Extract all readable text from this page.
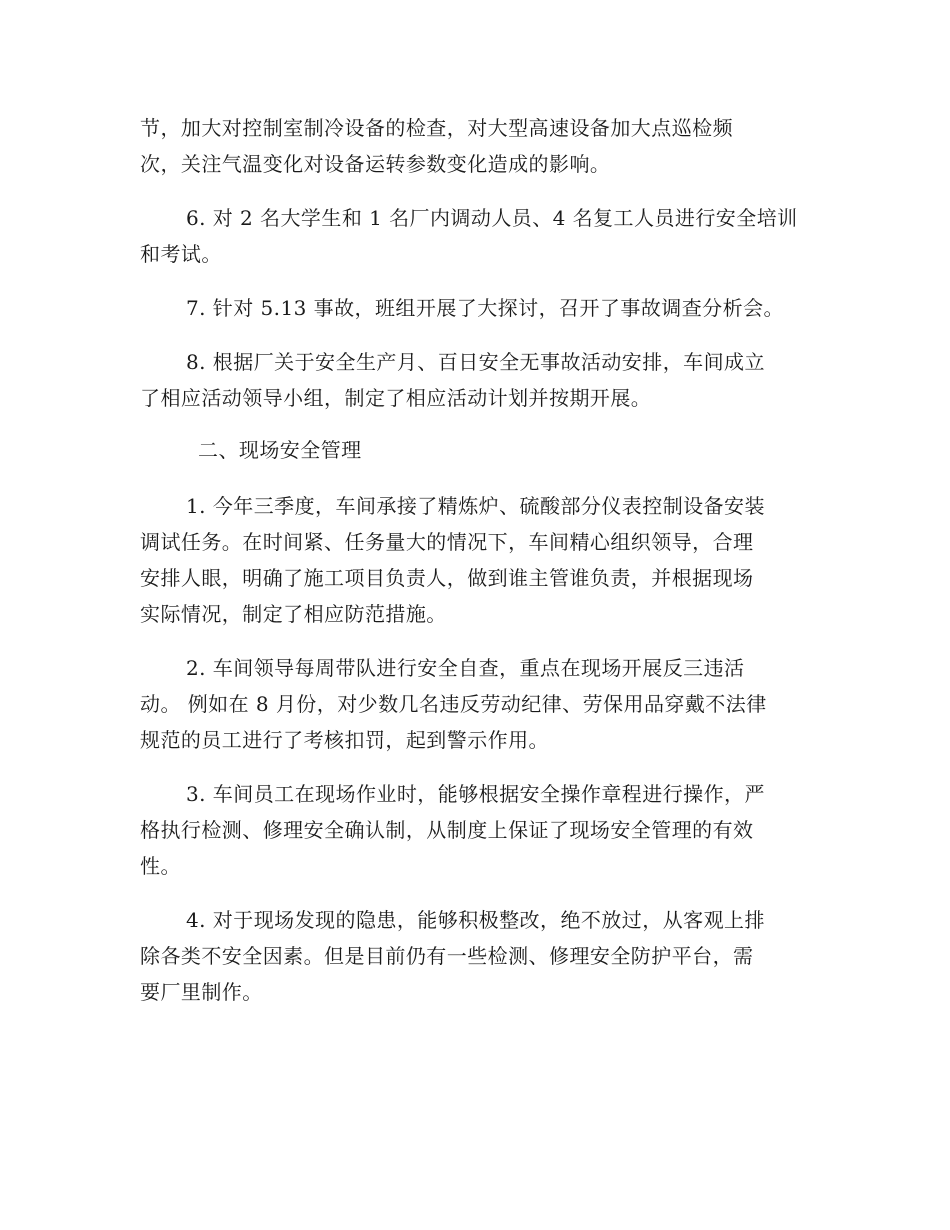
节，加大对控制室制冷设备的检查，对大型高速设备加大点巡检频

次，关注气温变化对设备运转参数变化造成的影响。

6. 对 2 名大学生和 1 名厂内调动人员、4 名复工人员进行安全培训

和考试。

7. 针对 5.13 事故，班组开展了大探讨，召开了事故调查分析会。

8. 根据厂关于安全生产月、百日安全无事故活动安排，车间成立

了相应活动领导小组，制定了相应活动计划并按期开展。

二、现场安全管理

1. 今年三季度，车间承接了精炼炉、硫酸部分仪表控制设备安装

调试任务。在时间紧、任务量大的情况下，车间精心组织领导，合理

安排人眼，明确了施工项目负责人，做到谁主管谁负责，并根据现场

实际情况，制定了相应防范措施。

2. 车间领导每周带队进行安全自查，重点在现场开展反三违活

动。 例如在 8 月份，对少数几名违反劳动纪律、劳保用品穿戴不法律

规范的员工进行了考核扣罚，起到警示作用。

3. 车间员工在现场作业时，能够根据安全操作章程进行操作，严

格执行检测、修理安全确认制，从制度上保证了现场安全管理的有效

性。

4. 对于现场发现的隐患，能够积极整改，绝不放过，从客观上排

除各类不安全因素。但是目前仍有一些检测、修理安全防护平台，需

要厂里制作。
